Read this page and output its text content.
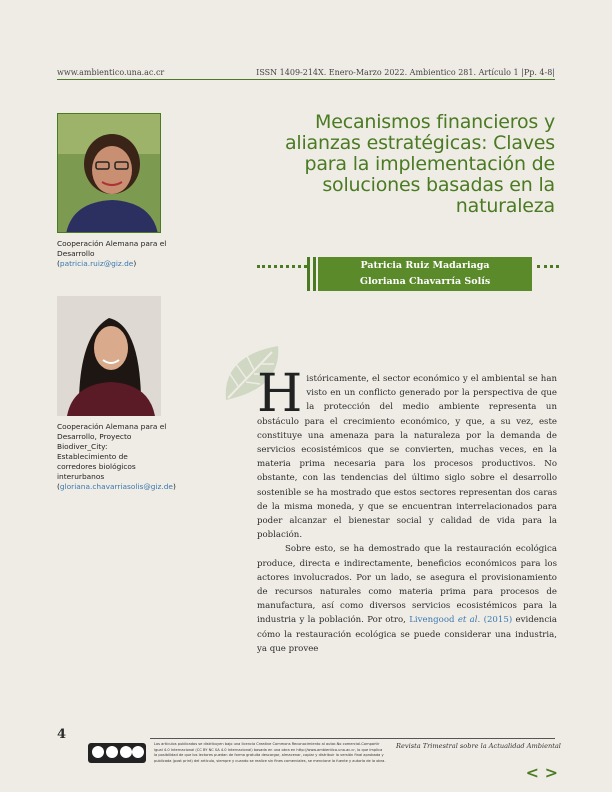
www.ambientico.una.ac.cr	ISSN 1409-214X. Enero-Marzo 2022. Ambientico 281. Artículo 1 |Pp. 4-8|
Mecanismos financieros y alianzas estratégicas: Claves para la implementación de soluciones basadas en la naturaleza
Cooperación Alemana para el Desarrollo
(patricia.ruiz@giz.de)
Cooperación Alemana para el Desarrollo, Proyecto Biodiver_City: Establecimiento de corredores biológicos interurbanos
(gloriana.chavarriasolis@giz.de)
Patricia Ruiz Madariaga
Gloriana Chavarría Solís

Históricamente, el sector económico y el ambiental se han visto en un conflicto generado por la perspectiva de que la protección del medio ambiente representa un obstáculo para el crecimiento económico, y que, a su vez, este constituye una amenaza para la naturaleza por la demanda de servicios ecosistémicos que se convierten, muchas veces, en la materia prima necesaria para los procesos productivos. No obstante, con las tendencias del último siglo sobre el desarrollo sostenible se ha mostrado que estos sectores representan dos caras de la misma moneda, y que se encuentran interrelacionados para poder alcanzar el bienestar social y calidad de vida para la población.

Sobre esto, se ha demostrado que la restauración ecológica produce, directa e indirectamente, beneficios económicos para los actores involucrados. Por un lado, se asegura el provisionamiento de recursos naturales como materia prima para procesos de manufactura, así como diversos servicios ecosistémicos para la industria y la población. Por otro, Livengood et al. (2015) evidencia cómo la restauración ecológica se puede considerar una industria, ya que provee

4
Los artículos publicados se distribuyen bajo una licencia Creative Commons Reconocimiento al autor-No comercial-Compartir igual 4.0 Internacional (CC BY NC SA 4.0 Internacional) basada en una obra en http://www.ambientico.una.ac.cr, lo que implica la posibilidad de que los lectores puedan de forma gratuita descargar, almacenar, copiar y distribuir la versión final aprobada y publicada (post print) del artículo, siempre y cuando se realice sin fines comerciales, se mencione la fuente y autoría de la obra.
Revista Trimestral sobre la Actualidad Ambiental
< >
